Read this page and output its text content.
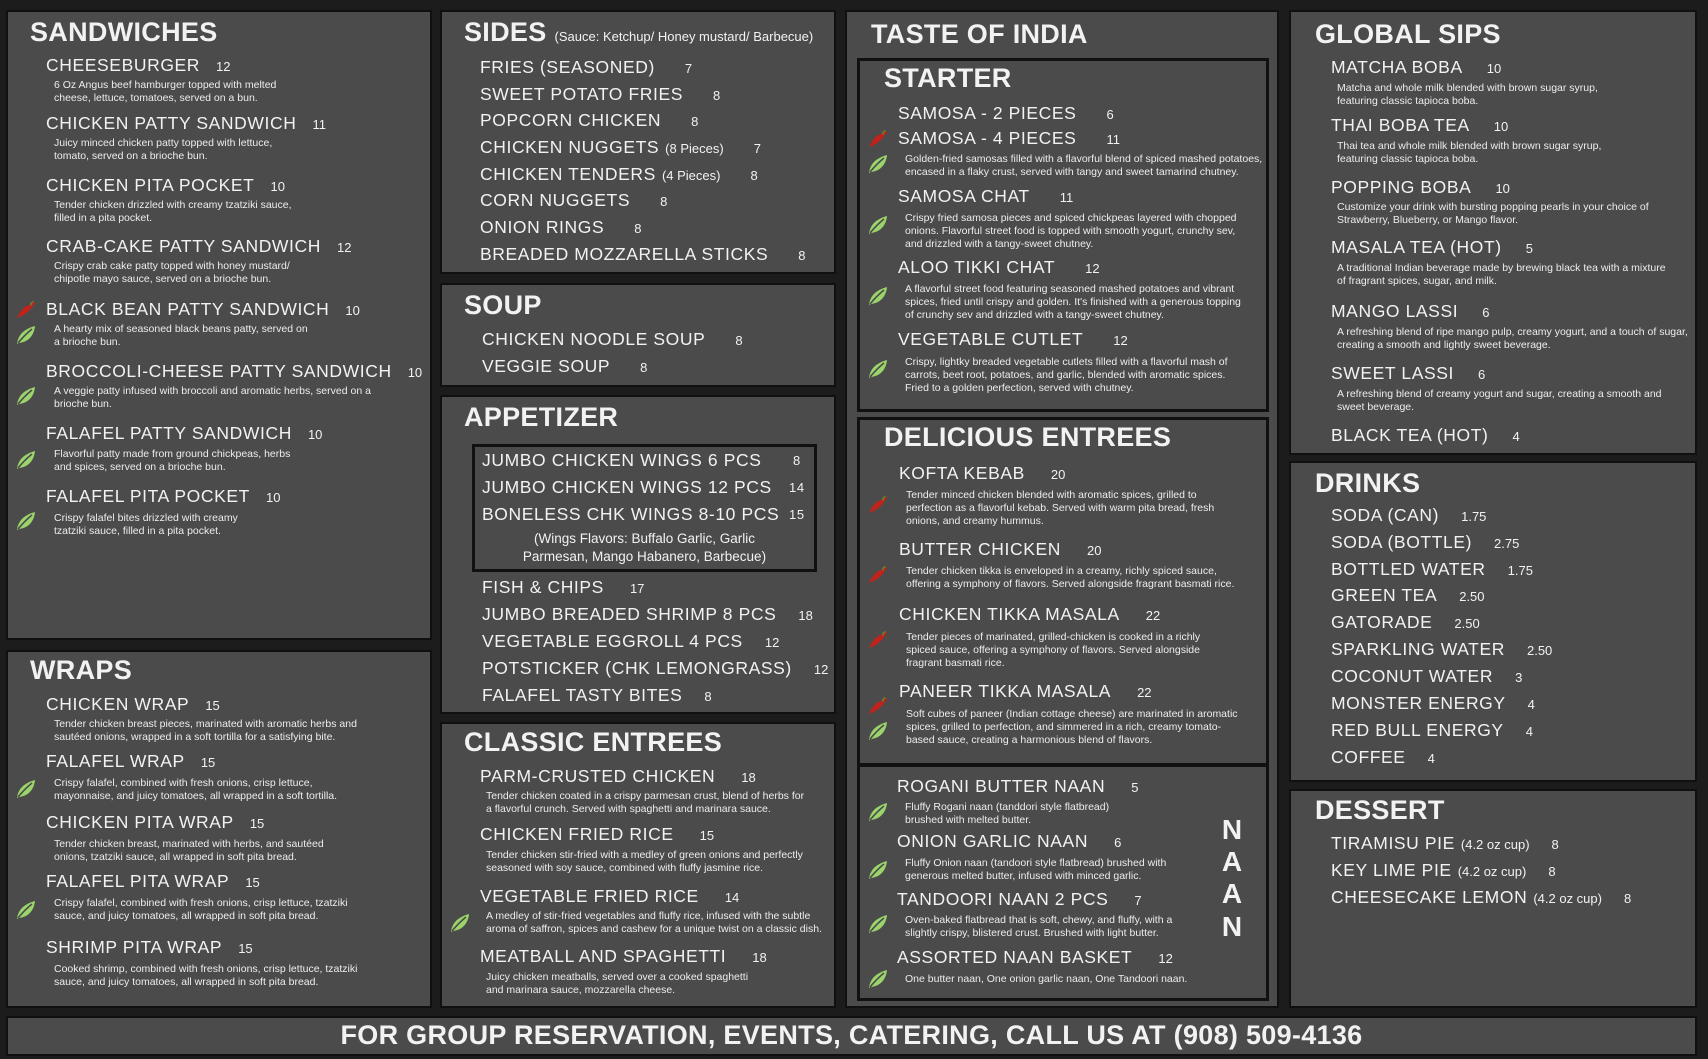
SANDWICHES
CHEESEBURGER 12
6 Oz Angus beef hamburger topped with melted cheese, lettuce, tomatoes, served on a bun.
CHICKEN PATTY SANDWICH 11
Juicy minced chicken patty topped with lettuce, tomato, served on a brioche bun.
CHICKEN PITA POCKET 10
Tender chicken drizzled with creamy tzatziki sauce, filled in a pita pocket.
CRAB-CAKE PATTY SANDWICH 12
Crispy crab cake patty topped with honey mustard/ chipotle mayo sauce, served on a brioche bun.
BLACK BEAN PATTY SANDWICH 10
A hearty mix of seasoned black beans patty, served on a brioche bun.
BROCCOLI-CHEESE PATTY SANDWICH 10
A veggie patty infused with broccoli and aromatic herbs, served on a brioche bun.
FALAFEL PATTY SANDWICH 10
Flavorful patty made from ground chickpeas, herbs and spices, served on a brioche bun.
FALAFEL PITA POCKET 10
Crispy falafel bites drizzled with creamy tzatziki sauce, filled in a pita pocket.
WRAPS
CHICKEN WRAP 15
Tender chicken breast pieces, marinated with aromatic herbs and sautéed onions, wrapped in a soft tortilla for a satisfying bite.
FALAFEL WRAP 15
Crispy falafel, combined with fresh onions, crisp lettuce, mayonnaise, and juicy tomatoes, all wrapped in a soft tortilla.
CHICKEN PITA WRAP 15
Tender chicken breast, marinated with herbs, and sautéed onions, tzatziki sauce, all wrapped in soft pita bread.
FALAFEL PITA WRAP 15
Crispy falafel, combined with fresh onions, crisp lettuce, tzatziki sauce, and juicy tomatoes, all wrapped in soft pita bread.
SHRIMP PITA WRAP 15
Cooked shrimp, combined with fresh onions, crisp lettuce, tzatziki sauce, and juicy tomatoes, all wrapped in soft pita bread.
SIDES (Sauce: Ketchup/ Honey mustard/ Barbecue)
FRIES (SEASONED) 7
SWEET POTATO FRIES 8
POPCORN CHICKEN 8
CHICKEN NUGGETS (8 Pieces) 7
CHICKEN TENDERS (4 Pieces) 8
CORN NUGGETS 8
ONION RINGS 8
BREADED MOZZARELLA STICKS 8
SOUP
CHICKEN NOODLE SOUP 8
VEGGIE SOUP 8
APPETIZER
JUMBO CHICKEN WINGS 6 PCS 8
JUMBO CHICKEN WINGS 12 PCS 14
BONELESS CHK WINGS 8-10 PCS 15
(Wings Flavors: Buffalo Garlic, Garlic
Parmesan, Mango Habanero, Barbecue)
FISH & CHIPS 17
JUMBO BREADED SHRIMP 8 PCS 18
VEGETABLE EGGROLL 4 PCS 12
POTSTICKER (CHK LEMONGRASS) 12
FALAFEL TASTY BITES 8
CLASSIC ENTREES
PARM-CRUSTED CHICKEN 18
Tender chicken coated in a crispy parmesan crust, blend of herbs for a flavorful crunch. Served with spaghetti and marinara sauce.
CHICKEN FRIED RICE 15
Tender chicken stir-fried with a medley of green onions and perfectly seasoned with soy sauce, combined with fluffy jasmine rice.
VEGETABLE FRIED RICE 14
A medley of stir-fried vegetables and fluffy rice, infused with the subtle aroma of saffron, spices and cashew for a unique twist on a classic dish.
MEATBALL AND SPAGHETTI 18
Juicy chicken meatballs, served over a cooked spaghetti and marinara sauce, mozzarella cheese.
TASTE OF INDIA
STARTER
SAMOSA - 2 PIECES 6
SAMOSA - 4 PIECES 11
Golden-fried samosas filled with a flavorful blend of spiced mashed potatoes, encased in a flaky crust, served with tangy and sweet tamarind chutney.
SAMOSA CHAT 11
Crispy fried samosa pieces and spiced chickpeas layered with chopped onions. Flavorful street food is topped with smooth yogurt, crunchy sev, and drizzled with a tangy-sweet chutney.
ALOO TIKKI CHAT 12
A flavorful street food featuring seasoned mashed potatoes and vibrant spices, fried until crispy and golden. It's finished with a generous topping of crunchy sev and drizzled with a tangy-sweet chutney.
VEGETABLE CUTLET 12
Crispy, lightky breaded vegetable cutlets filled with a flavorful mash of carrots, beet root, potatoes, and garlic, blended with aromatic spices. Fried to a golden perfection, served with chutney.
DELICIOUS ENTREES
KOFTA KEBAB 20
Tender minced chicken blended with aromatic spices, grilled to perfection as a flavorful kebab. Served with warm pita bread, fresh onions, and creamy hummus.
BUTTER CHICKEN 20
Tender chicken tikka is enveloped in a creamy, richly spiced sauce, offering a symphony of flavors. Served alongside fragrant basmati rice.
CHICKEN TIKKA MASALA 22
Tender pieces of marinated, grilled-chicken is cooked in a richly spiced sauce, offering a symphony of flavors. Served alongside fragrant basmati rice.
PANEER TIKKA MASALA 22
Soft cubes of paneer (Indian cottage cheese) are marinated in aromatic spices, grilled to perfection, and simmered in a rich, creamy tomato-based sauce, creating a harmonious blend of flavors.
ROGANI BUTTER NAAN 5
Fluffy Rogani naan (tanddori style flatbread) brushed with melted butter.
ONION GARLIC NAAN 6
Fluffy Onion naan (tandoori style flatbread) brushed with generous melted butter, infused with minced garlic.
TANDOORI NAAN 2 PCS 7
Oven-baked flatbread that is soft, chewy, and fluffy, with a slightly crispy, blistered crust. Brushed with light butter.
ASSORTED NAAN BASKET 12
One butter naan, One onion garlic naan, One Tandoori naan.
N
A
A
N
GLOBAL SIPS
MATCHA BOBA 10
Matcha and whole milk blended with brown sugar syrup, featuring classic tapioca boba.
THAI BOBA TEA 10
Thai tea and whole milk blended with brown sugar syrup, featuring classic tapioca boba.
POPPING BOBA 10
Customize your drink with bursting popping pearls in your choice of Strawberry, Blueberry, or Mango flavor.
MASALA TEA (HOT) 5
A traditional Indian beverage made by brewing black tea with a mixture of fragrant spices, sugar, and milk.
MANGO LASSI 6
A refreshing blend of ripe mango pulp, creamy yogurt, and a touch of sugar, creating a smooth and lightly sweet beverage.
SWEET LASSI 6
A refreshing blend of creamy yogurt and sugar, creating a smooth and sweet beverage.
BLACK TEA (HOT) 4
DRINKS
SODA (CAN) 1.75
SODA (BOTTLE) 2.75
BOTTLED WATER 1.75
GREEN TEA 2.50
GATORADE 2.50
SPARKLING WATER 2.50
COCONUT WATER 3
MONSTER ENERGY 4
RED BULL ENERGY 4
COFFEE 4
DESSERT
TIRAMISU PIE (4.2 oz cup) 8
KEY LIME PIE (4.2 oz cup) 8
CHEESECAKE LEMON (4.2 oz cup) 8
FOR GROUP RESERVATION, EVENTS, CATERING, CALL US AT (908) 509-4136
